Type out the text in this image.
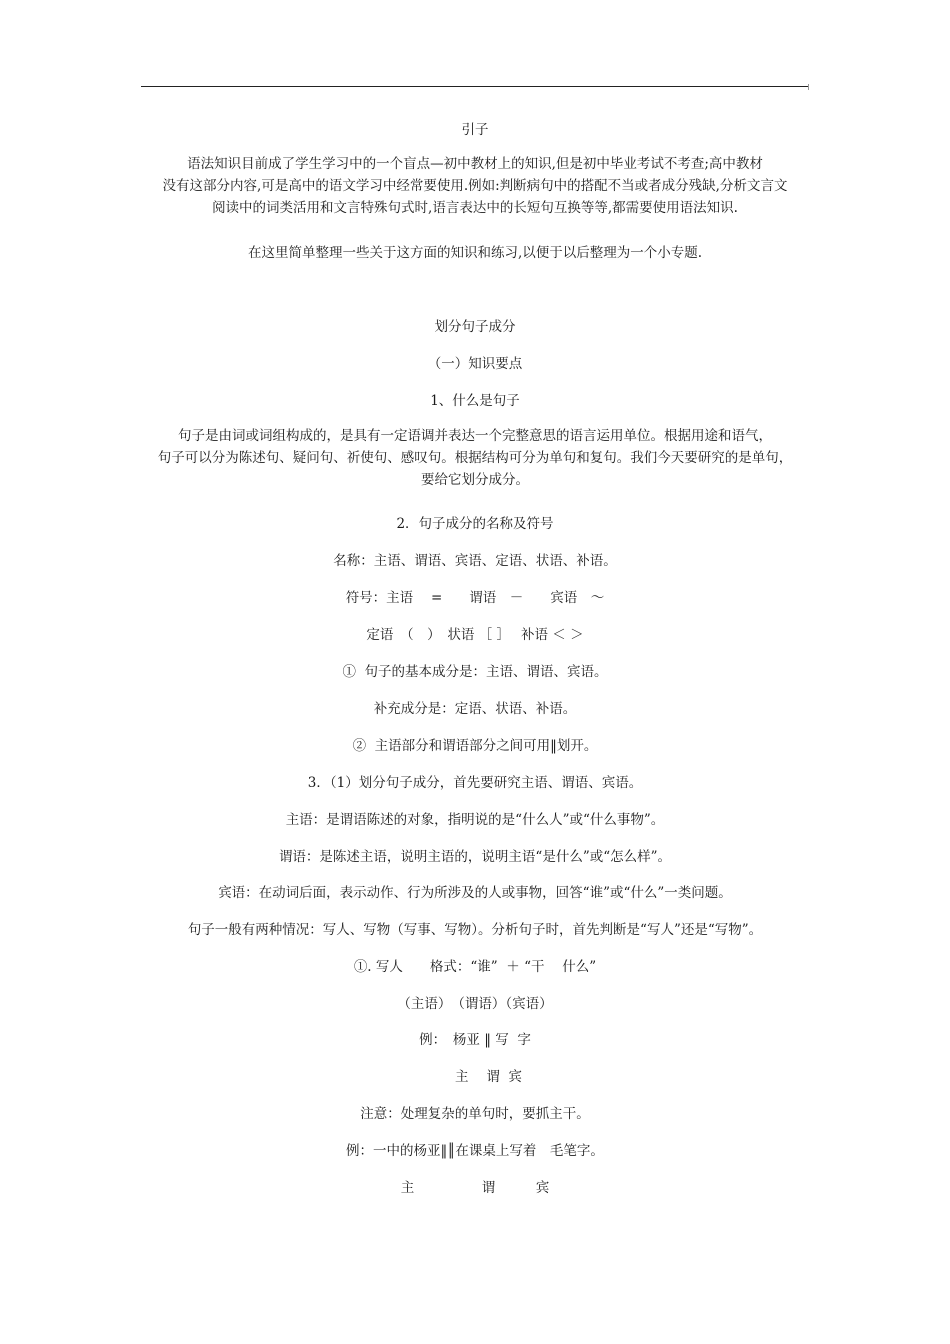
引子
语法知识目前成了学生学习中的一个盲点—初中教材上的知识,但是初中毕业考试不考查;高中教材
没有这部分内容,可是高中的语文学习中经常要使用.例如:判断病句中的搭配不当或者成分残缺,分析文言文
阅读中的词类活用和文言特殊句式时,语言表达中的长短句互换等等,都需要使用语法知识.
在这里简单整理一些关于这方面的知识和练习,以便于以后整理为一个小专题.
划分句子成分
（一）知识要点
1、什么是句子
句子是由词或词组构成的，是具有一定语调并表达一个完整意思的语言运用单位。根据用途和语气，
句子可以分为陈述句、疑问句、祈使句、感叹句。根据结构可分为单句和复句。我们今天要研究的是单句，
要给它划分成分。
2．句子成分的名称及符号
名称：主语、谓语、宾语、定语、状语、补语。
符号：主语　 =　　谓语　－　　宾语　～
定语　（　）　状语 ［ ］　 补语 ＜ ＞
①  句子的基本成分是：主语、谓语、宾语。
补充成分是：定语、状语、补语。
②  主语部分和谓语部分之间可用‖划开。
3．（1）划分句子成分，首先要研究主语、谓语、宾语。
主语：是谓语陈述的对象，指明说的是“什么人”或“什么事物”。
谓语：是陈述主语，说明主语的，说明主语“是什么”或“怎么样”。
宾语：在动词后面，表示动作、行为所涉及的人或事物，回答“谁”或“什么”一类问题。
句子一般有两种情况：写人、写物（写事、写物）。分析句子时，首先判断是“写人”还是“写物”。
①. 写人　　格式：“谁”  ＋ “干　 什么”
（主语）　（谓语）（宾语）
例：　杨亚 ‖ 写  字
　　主　 谓  宾
注意：处理复杂的单句时，要抓主干。
例：一中的杨亚‖║在课桌上写着　毛笔字。
主　　　　　谓　　　宾
